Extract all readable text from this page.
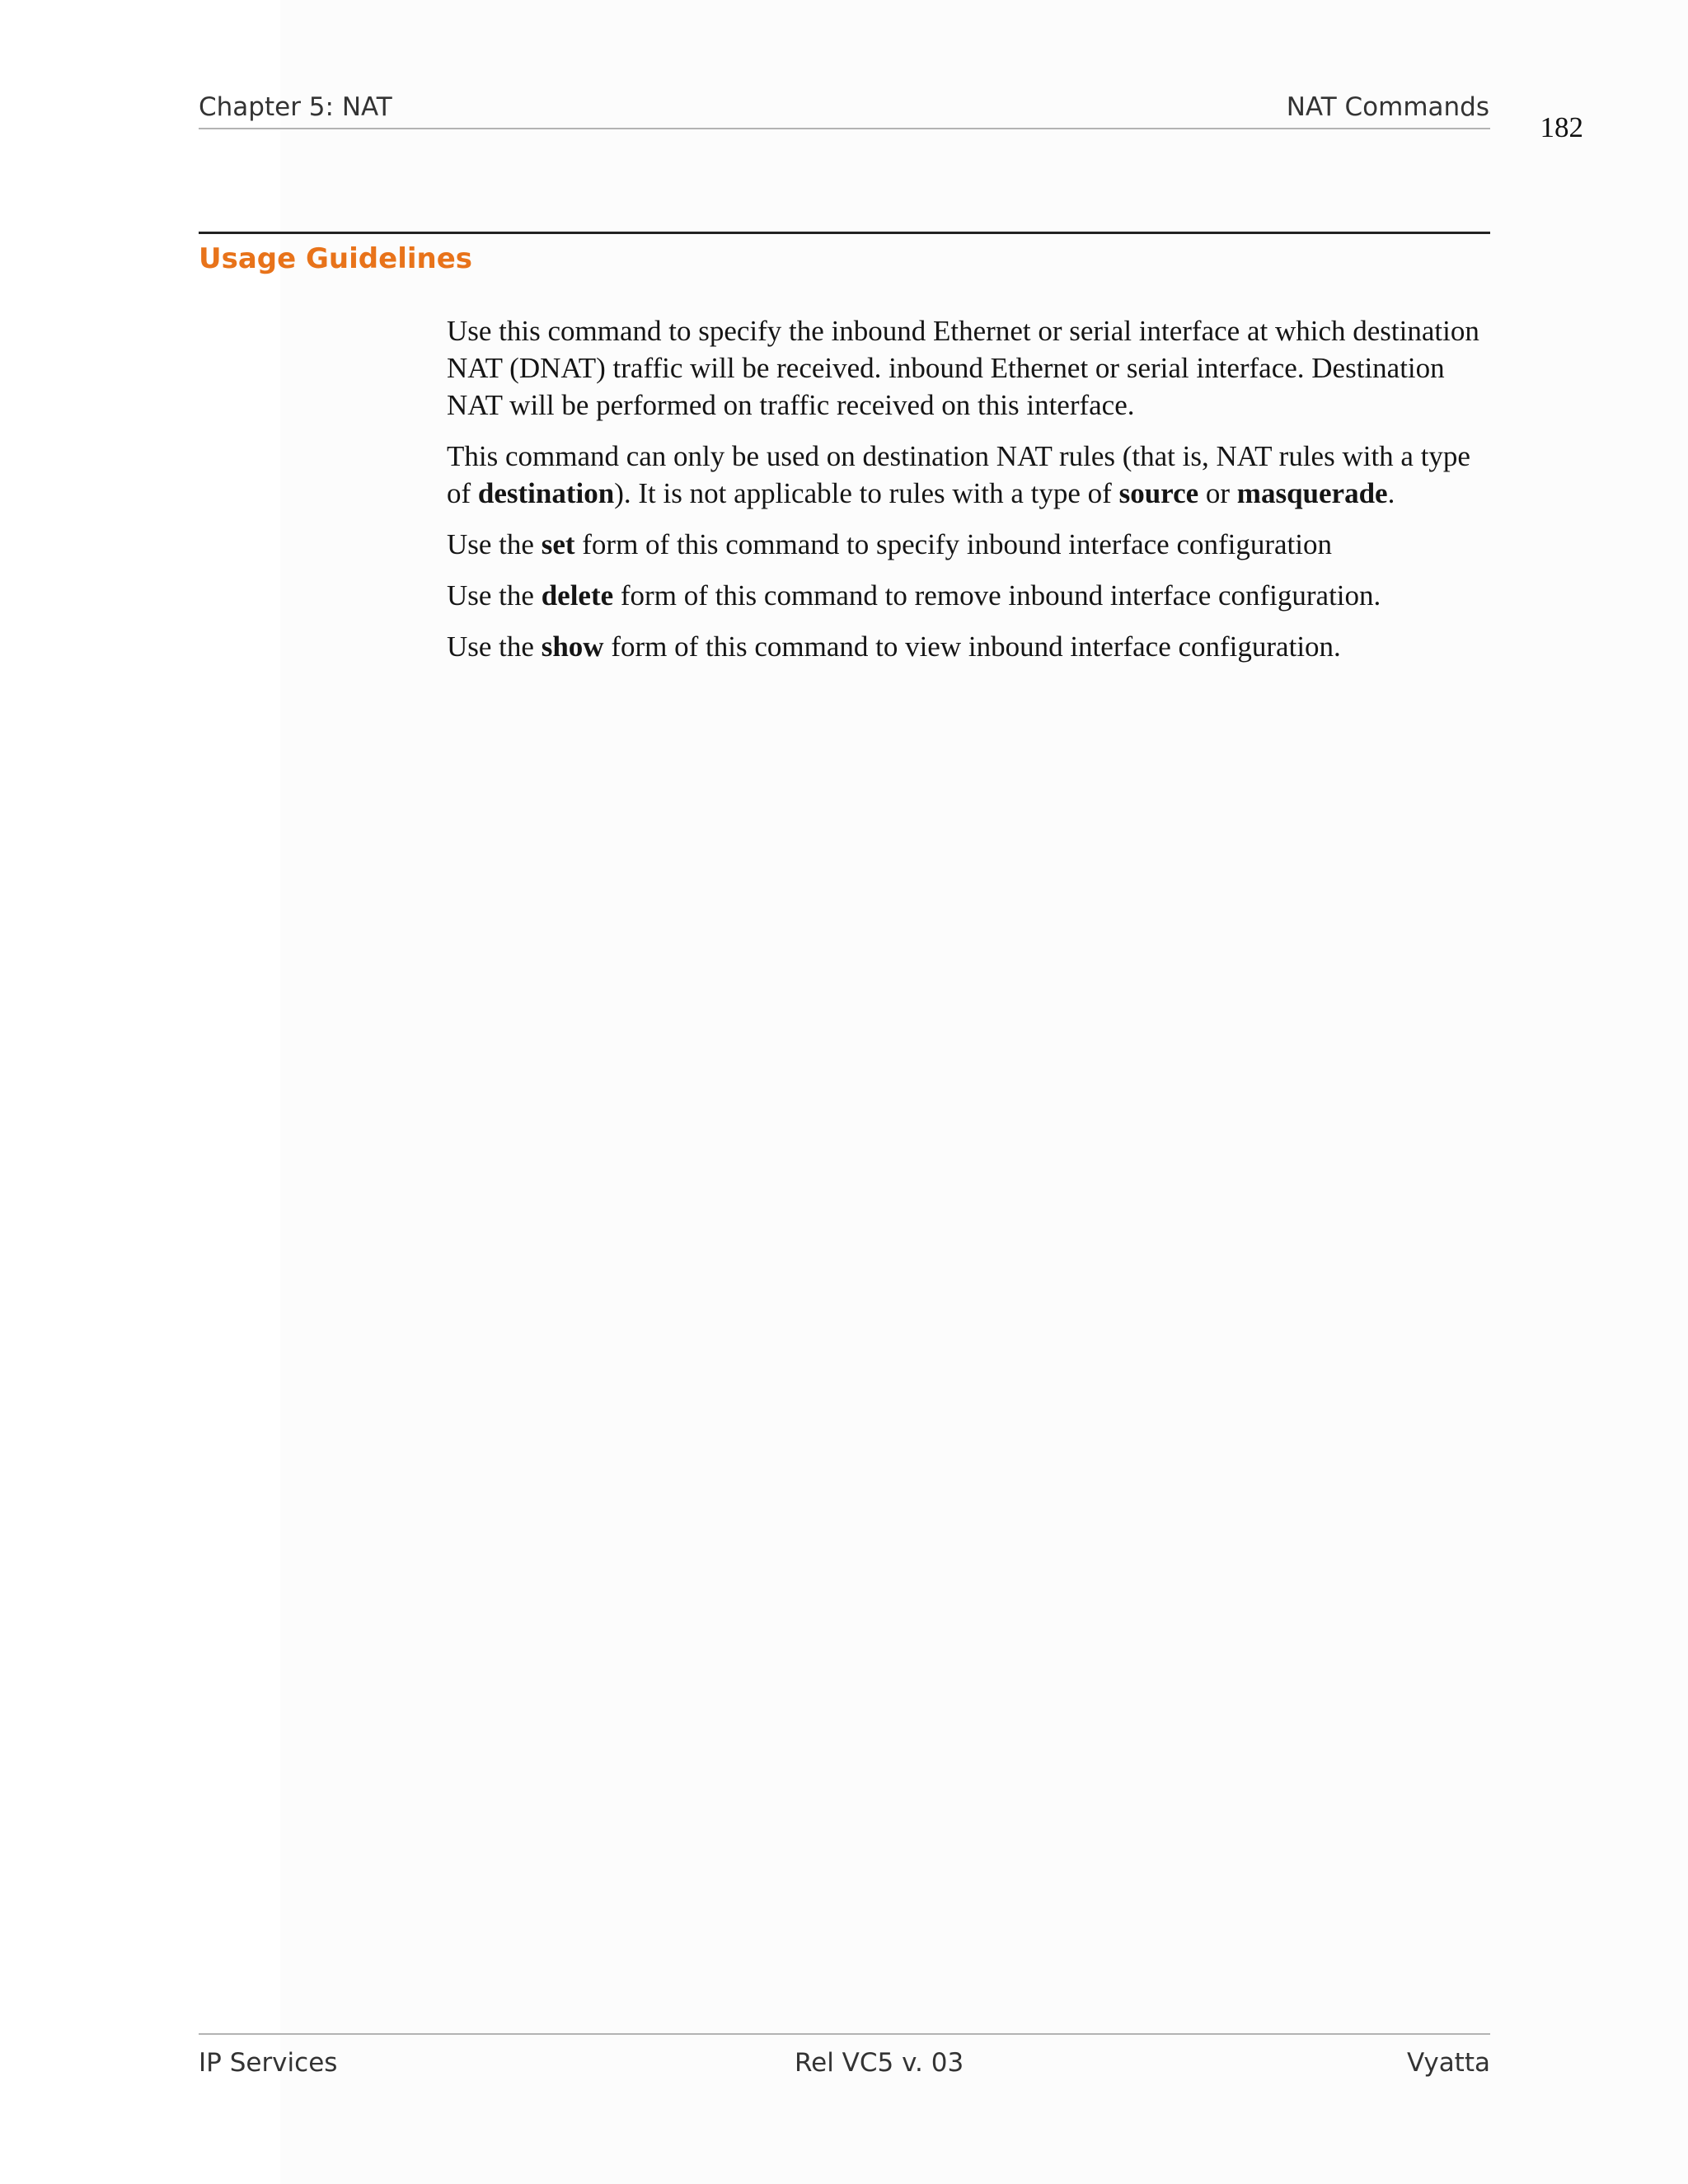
Chapter 5: NAT	NAT Commands
182
Usage Guidelines

Use this command to specify the inbound Ethernet or serial interface at which destination NAT (DNAT) traffic will be received. inbound Ethernet or serial interface. Destination NAT will be performed on traffic received on this interface.

This command can only be used on destination NAT rules (that is, NAT rules with a type of destination). It is not applicable to rules with a type of source or masquerade.

Use the set form of this command to specify inbound interface configuration

Use the delete form of this command to remove inbound interface configuration.

Use the show form of this command to view inbound interface configuration.

IP Services	Rel VC5 v. 03	Vyatta
